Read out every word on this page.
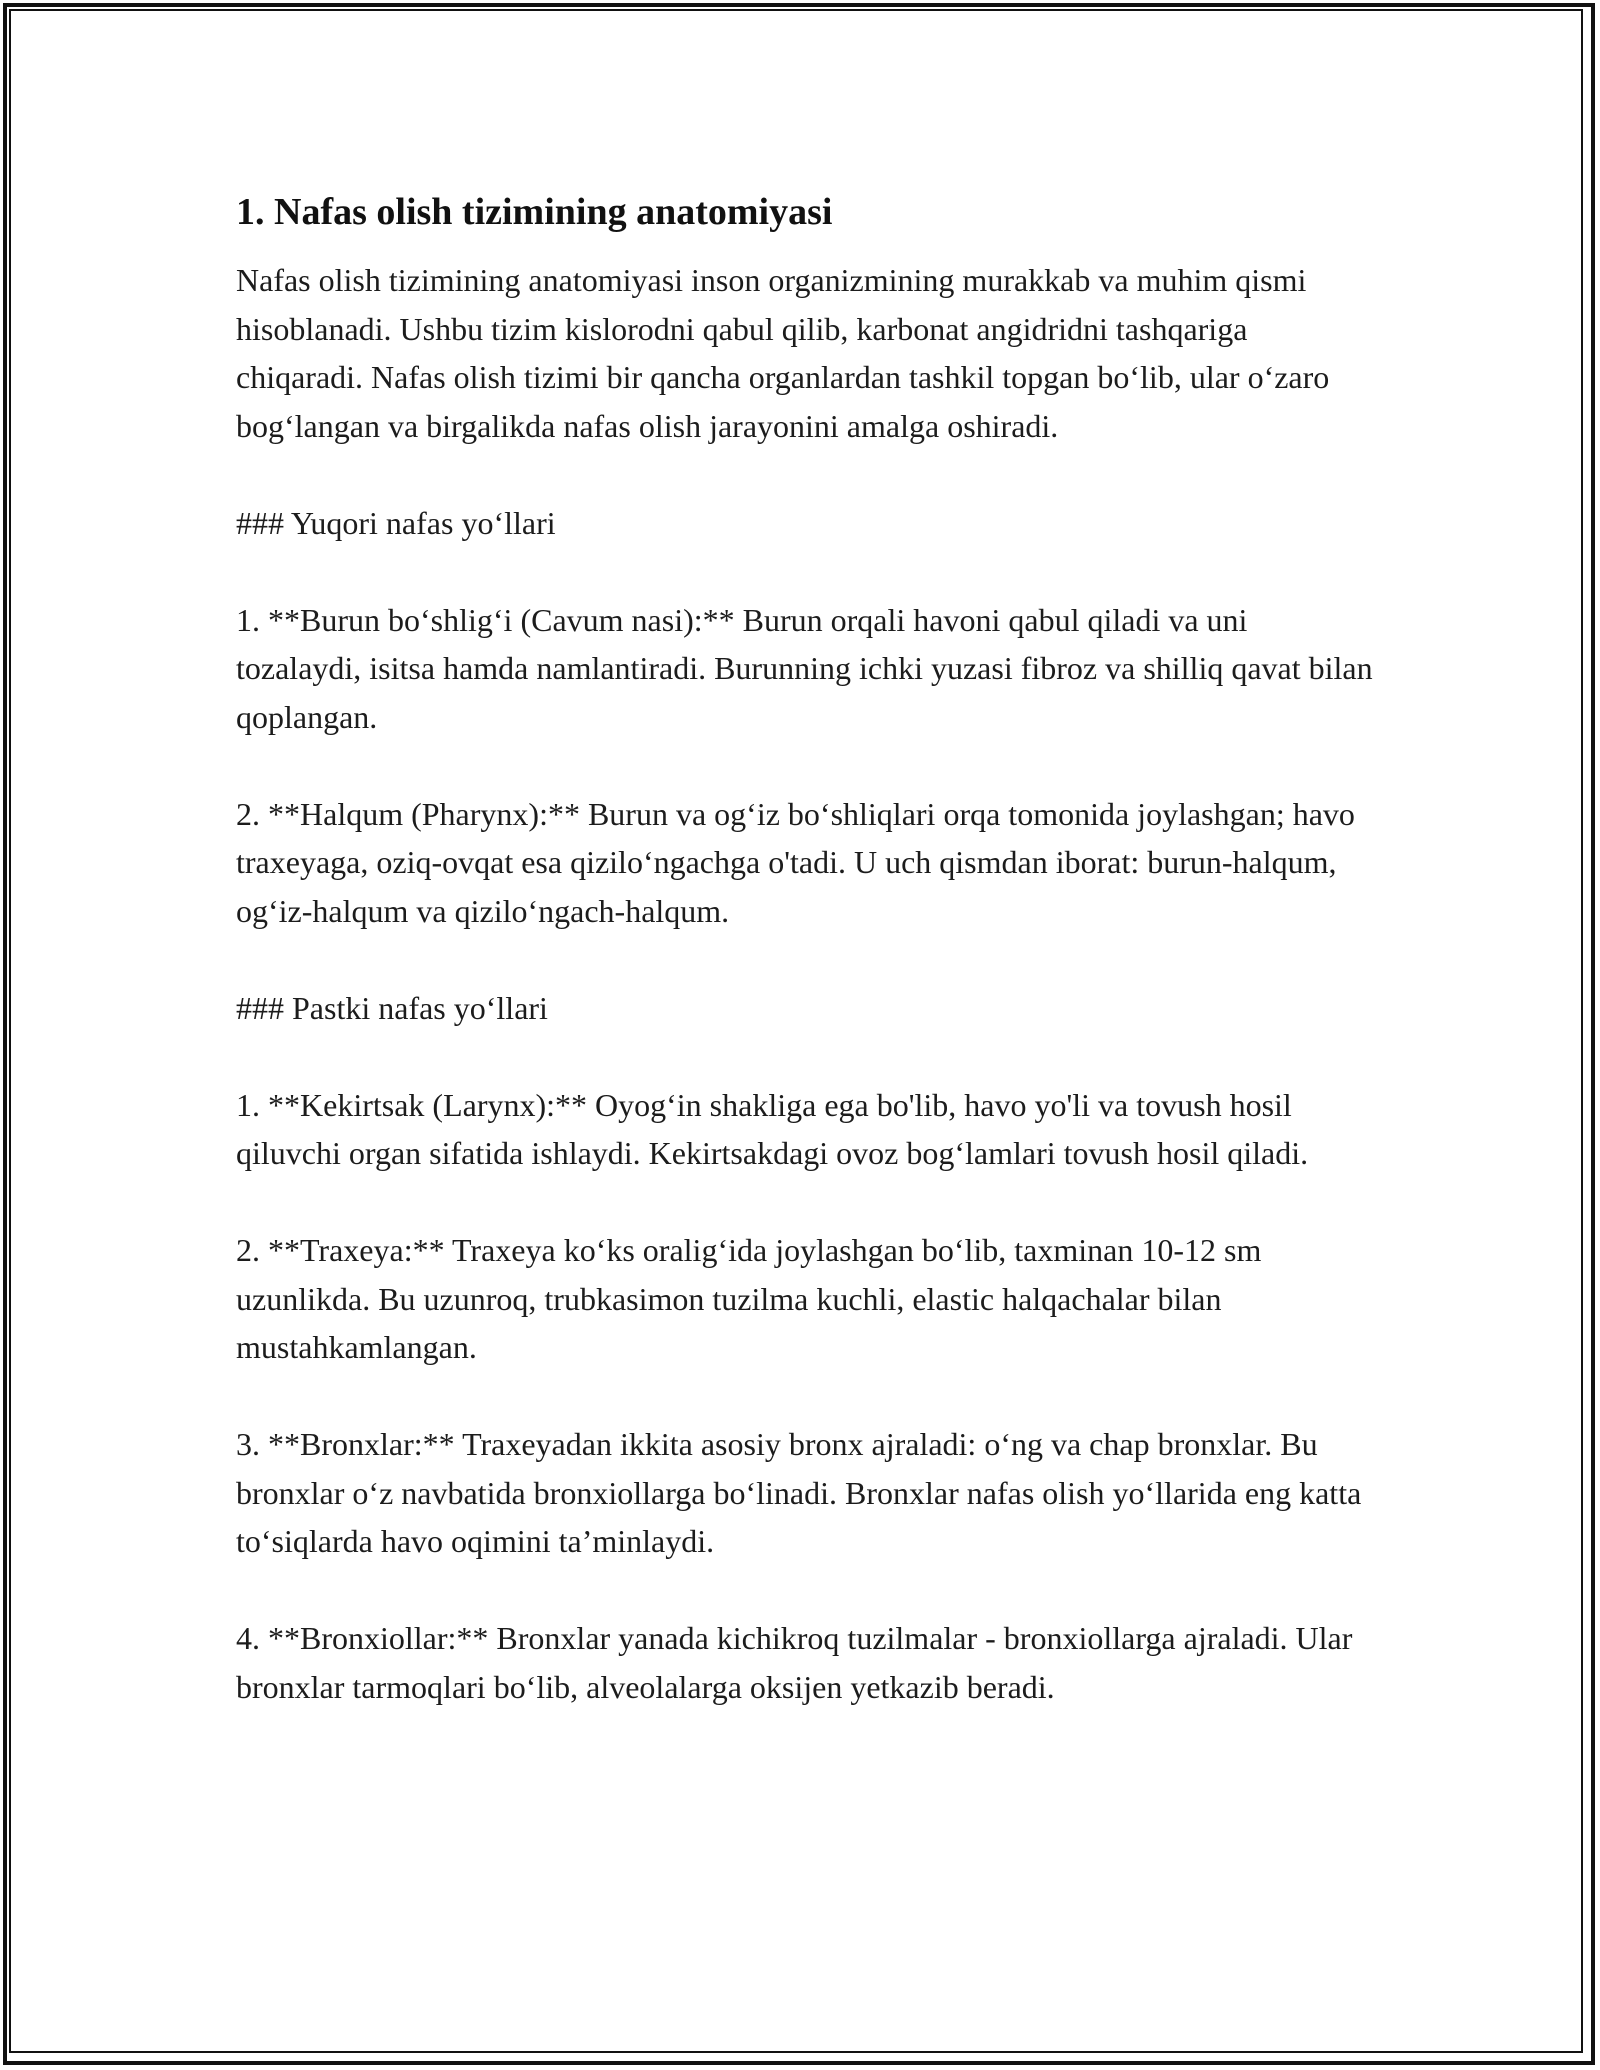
1. Nafas olish tizimining anatomiyasi

Nafas olish tizimining anatomiyasi inson organizmining murakkab va muhim qismi hisoblanadi. Ushbu tizim kislorodni qabul qilib, karbonat angidridni tashqariga chiqaradi. Nafas olish tizimi bir qancha organlardan tashkil topgan bo‘lib, ular o‘zaro bog‘langan va birgalikda nafas olish jarayonini amalga oshiradi.

### Yuqori nafas yo‘llari

1. **Burun bo‘shlig‘i (Cavum nasi):** Burun orqali havoni qabul qiladi va uni tozalaydi, isitsa hamda namlantiradi. Burunning ichki yuzasi fibroz va shilliq qavat bilan qoplangan.

2. **Halqum (Pharynx):** Burun va og‘iz bo‘shliqlari orqa tomonida joylashgan; havo traxeyaga, oziq-ovqat esa qizilo‘ngachga o'tadi. U uch qismdan iborat: burun-halqum, og‘iz-halqum va qizilo‘ngach-halqum.

### Pastki nafas yo‘llari

1. **Kekirtsak (Larynx):** Oyog‘in shakliga ega bo'lib, havo yo'li va tovush hosil qiluvchi organ sifatida ishlaydi. Kekirtsakdagi ovoz bog‘lamlari tovush hosil qiladi.

2. **Traxeya:** Traxeya ko‘ks oralig‘ida joylashgan bo‘lib, taxminan 10-12 sm uzunlikda. Bu uzunroq, trubkasimon tuzilma kuchli, elastic halqachalar bilan mustahkamlangan.

3. **Bronxlar:** Traxeyadan ikkita asosiy bronx ajraladi: o‘ng va chap bronxlar. Bu bronxlar o‘z navbatida bronxiollarga bo‘linadi. Bronxlar nafas olish yo‘llarida eng katta to‘siqlarda havo oqimini ta’minlaydi.

4. **Bronxiollar:** Bronxlar yanada kichikroq tuzilmalar - bronxiollarga ajraladi. Ular bronxlar tarmoqlari bo‘lib, alveolalarga oksijen yetkazib beradi.
